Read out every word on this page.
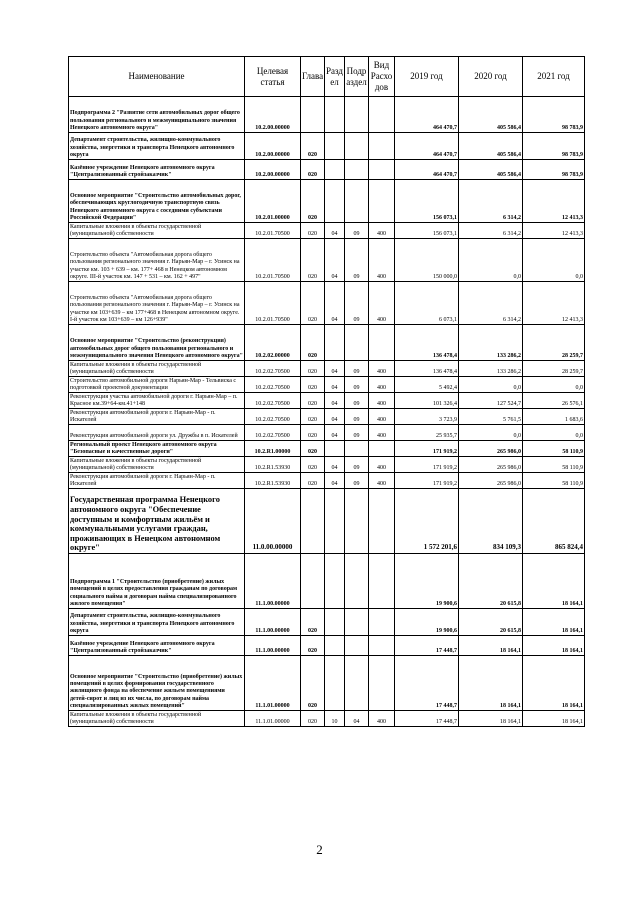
Наименование	Целевая статья	Глава	Разд ел	Подр аздел	Вид Расхо дов	2019 год	2020 год	2021 год
Подпрограмма 2 "Развитие сети автомобильных дорог общего пользования регионального и межмуниципального значения Ненецкого автономного округа"	10.2.00.00000					464 470,7	405 586,4	98 783,9
Департамент строительства, жилищно-коммунального хозяйства, энергетики и транспорта Ненецкого автономного округа	10.2.00.00000	020				464 470,7	405 586,4	98 783,9
Казённое учреждение Ненецкого автономного округа "Централизованный стройзаказчик"	10.2.00.00000	020				464 470,7	405 586,4	98 783,9
Основное мероприятие "Строительство автомобильных дорог, обеспечивающих круглогодичную транспортную связь Ненецкого автономного округа с соседними субъектами Российской Федерации"	10.2.01.00000	020				156 073,1	6 314,2	12 413,3
Капитальные вложения в объекты государственной (муниципальной) собственности	10.2.01.70500	020	04	09	400	156 073,1	6 314,2	12 413,3
Строительство объекта "Автомобильная дорога общего пользования регионального значения г. Нарьян-Мар – г. Усинск на участке км. 103 + 639 – км. 177+ 468 в Ненецком автономном округе. III-й участок км. 147 + 531 – км. 162 + 497"	10.2.01.70500	020	04	09	400	150 000,0	0,0	0,0
Строительство объекта "Автомобильная дорога общего пользования регионального значения г. Нарьян-Мар – г. Усинск на участке км 103+639 – км 177+468 в Ненецком автономном округе. I-й участок км 103+639 – км 126+939"	10.2.01.70500	020	04	09	400	6 073,1	6 314,2	12 413,3
Основное мероприятие "Строительство (реконструкция) автомобильных дорог общего пользования регионального и межмуниципального значения Ненецкого автономного округа"	10.2.02.00000	020				136 478,4	133 286,2	28 259,7
Капитальные вложения в объекты государственной (муниципальной) собственности	10.2.02.70500	020	04	09	400	136 478,4	133 286,2	28 259,7
Строительство автомобильной дороги Нарьян-Мар - Тельвиска с подготовкой проектной документации	10.2.02.70500	020	04	09	400	5 492,4	0,0	0,0
Реконструкция участка автомобильной дороги г. Нарьян-Мар – п. Красное км.39+64-км.41+148	10.2.02.70500	020	04	09	400	101 326,4	127 524,7	26 576,1
Реконструкция автомобильной дороги г. Нарьян-Мар - п. Искателей	10.2.02.70500	020	04	09	400	3 723,9	5 761,5	1 683,6
Реконструкция автомобильной дороги ул. Дружбы в п. Искателей	10.2.02.70500	020	04	09	400	25 935,7	0,0	0,0
Региональный проект Ненецкого автономного округа "Безопасные и качественные дороги"	10.2.R1.00000	020				171 919,2	265 986,0	58 110,9
Капитальные вложения в объекты государственной (муниципальной) собственности	10.2.R1.53930	020	04	09	400	171 919,2	265 986,0	58 110,9
Реконструкция автомобильной дороги г. Нарьян-Мар - п. Искателей	10.2.R1.53930	020	04	09	400	171 919,2	265 986,0	58 110,9
Государственная программа Ненецкого автономного округа "Обеспечение доступным и комфортным жильём и коммунальными услугами граждан, проживающих в Ненецком автономном округе"	11.0.00.00000					1 572 201,6	834 109,3	865 824,4
Подпрограмма 1 "Строительство (приобретение) жилых помещений в целях предоставления гражданам по договорам социального найма и договорам найма специализированного жилого помещения"	11.1.00.00000					19 900,6	20 615,8	18 164,1
Департамент строительства, жилищно-коммунального хозяйства, энергетики и транспорта Ненецкого автономного округа	11.1.00.00000	020				19 900,6	20 615,8	18 164,1
Казённое учреждение Ненецкого автономного округа "Централизованный стройзаказчик"	11.1.00.00000	020				17 448,7	18 164,1	18 164,1
Основное мероприятие "Строительство (приобретение) жилых помещений в целях формирования государственного жилищного фонда на обеспечение жильем помещениями детей-сирот и лиц из их числа, по договорам найма специализированных жилых помещений"	11.1.01.00000	020				17 448,7	18 164,1	18 164,1
Капитальные вложения в объекты государственной (муниципальной) собственности	11.1.01.00000	020	10	04	400	17 448,7	18 164,1	18 164,1
2
